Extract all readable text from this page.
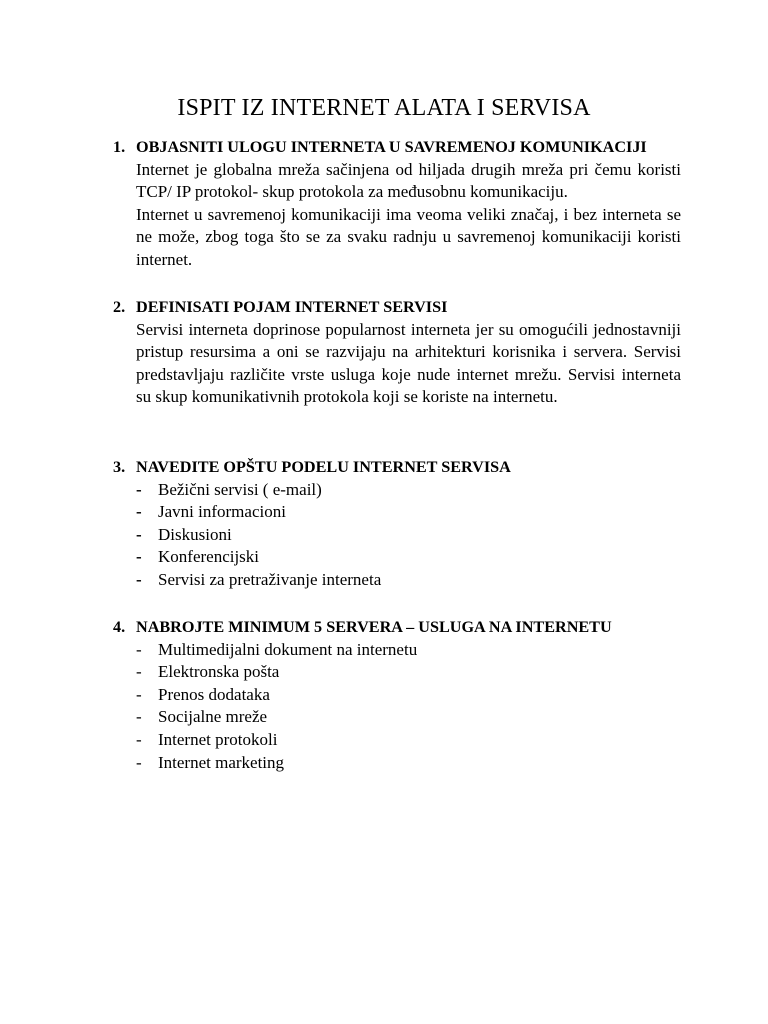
ISPIT IZ INTERNET ALATA I SERVISA
1. OBJASNITI ULOGU INTERNETA U SAVREMENOJ KOMUNIKACIJI
Internet je globalna mreža sačinjena od hiljada drugih mreža pri čemu koristi TCP/ IP protokol- skup protokola za međusobnu komunikaciju.
Internet u savremenoj komunikaciji ima veoma veliki značaj, i bez interneta se ne može, zbog toga što se za svaku radnju u savremenoj komunikaciji koristi internet.
2. DEFINISATI POJAM INTERNET SERVISI
Servisi interneta doprinose popularnost interneta jer su omogućili jednostavniji pristup resursima a oni se razvijaju na arhitekturi korisnika i servera. Servisi predstavljaju različite vrste usluga koje nude internet mrežu. Servisi interneta su skup komunikativnih protokola koji se koriste na internetu.
3. NAVEDITE OPŠTU PODELU INTERNET SERVISA
- Bežični servisi ( e-mail)
- Javni informacioni
- Diskusioni
- Konferencijski
- Servisi za pretraživanje interneta
4. NABROJTE MINIMUM 5 SERVERA – USLUGA NA INTERNETU
- Multimedijalni dokument na internetu
- Elektronska pošta
- Prenos dodataka
- Socijalne mreže
- Internet protokoli
- Internet marketing
